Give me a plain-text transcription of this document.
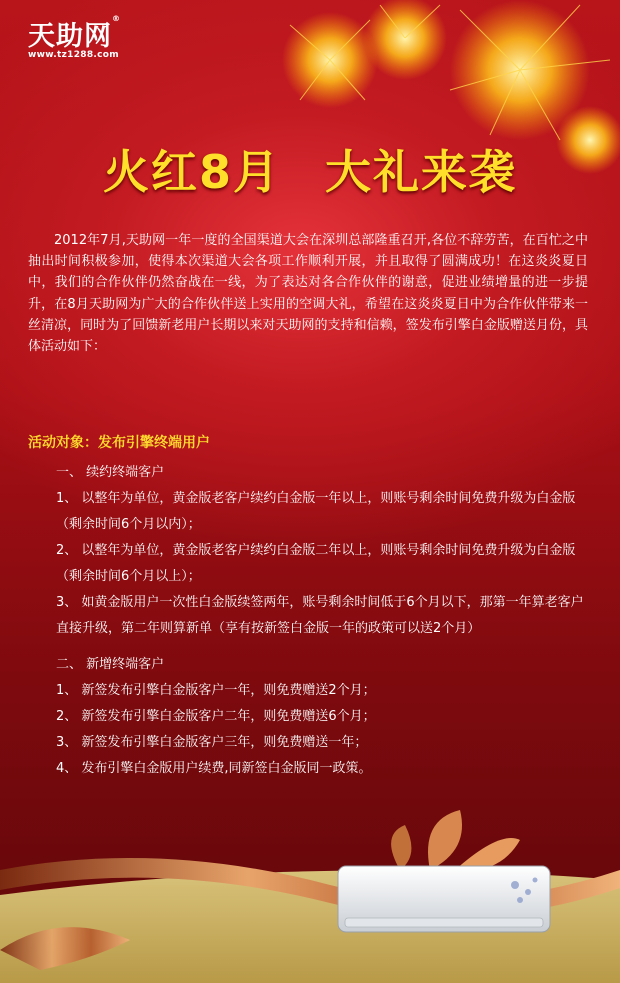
天助网®
www.tz1288.com
火红8月 大礼来袭
2012年7月,天助网一年一度的全国渠道大会在深圳总部隆重召开,各位不辞劳苦，在百忙之中抽出时间积极参加，使得本次渠道大会各项工作顺利开展，并且取得了圆满成功！在这炎炎夏日中，我们的合作伙伴仍然奋战在一线，为了表达对各合作伙伴的谢意，促进业绩增量的进一步提升，在8月天助网为广大的合作伙伴送上实用的空调大礼，希望在这炎炎夏日中为合作伙伴带来一丝清凉，同时为了回馈新老用户长期以来对天助网的支持和信赖，签发布引擎白金版赠送月份，具体活动如下：
活动对象：发布引擎终端用户
一、 续约终端客户
1、 以整年为单位，黄金版老客户续约白金版一年以上，则账号剩余时间免费升级为白金版（剩余时间6个月以内）；
2、 以整年为单位，黄金版老客户续约白金版二年以上，则账号剩余时间免费升级为白金版（剩余时间6个月以上）；
3、 如黄金版用户一次性白金版续签两年，账号剩余时间低于6个月以下，那第一年算老客户直接升级，第二年则算新单（享有按新签白金版一年的政策可以送2个月）
二、 新增终端客户
1、 新签发布引擎白金版客户一年，则免费赠送2个月；
2、 新签发布引擎白金版客户二年，则免费赠送6个月；
3、 新签发布引擎白金版客户三年，则免费赠送一年；
4、 发布引擎白金版用户续费,同新签白金版同一政策。
